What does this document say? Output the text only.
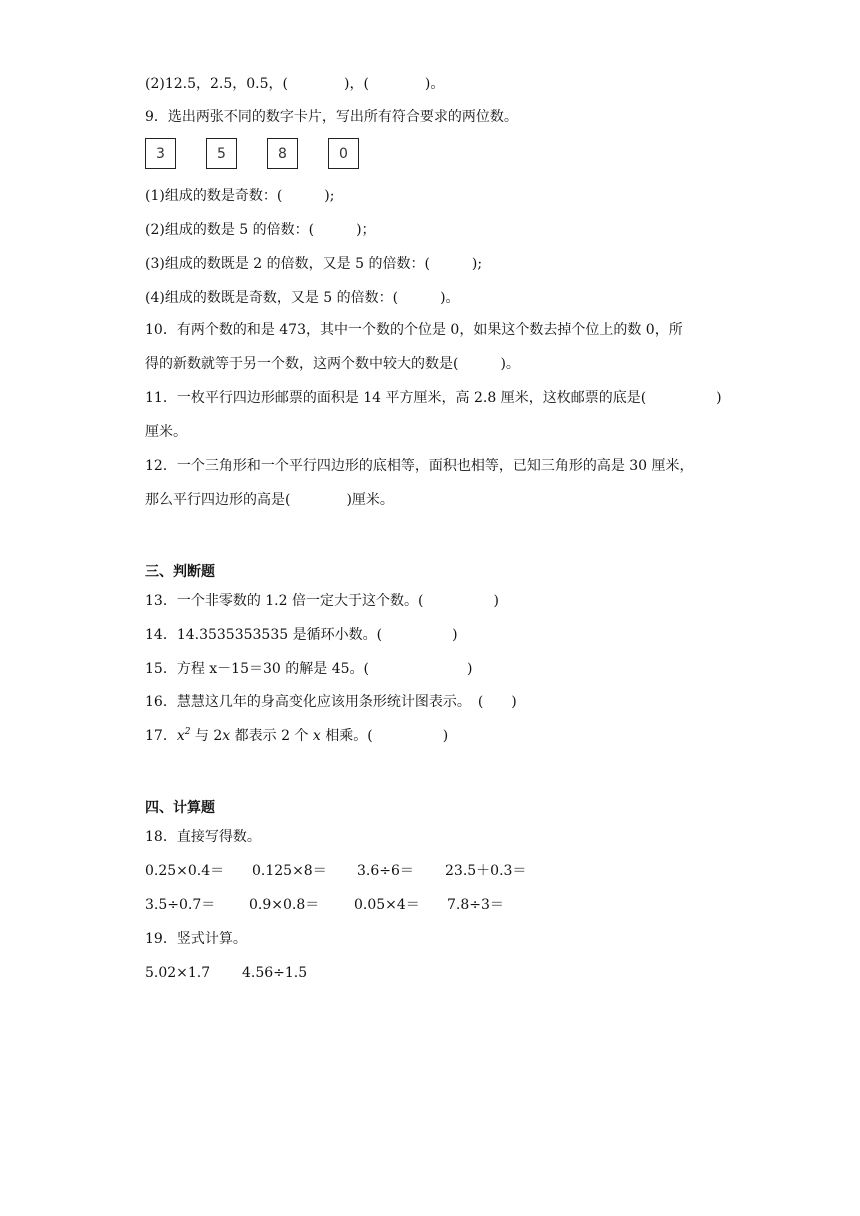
(2)12.5，2.5，0.5，(　　　　)，(　　　　)。

9．选出两张不同的数字卡片，写出所有符合要求的两位数。

3	5	8	0

(1)组成的数是奇数：(　　　);

(2)组成的数是 5 的倍数：(　　　)；

(3)组成的数既是 2 的倍数，又是 5 的倍数：(　　　);

(4)组成的数既是奇数，又是 5 的倍数：(　　　)。

10．有两个数的和是 473，其中一个数的个位是 0，如果这个数去掉个位上的数 0，所

得的新数就等于另一个数，这两个数中较大的数是(　　　)。

11．一枚平行四边形邮票的面积是 14 平方厘米，高 2.8 厘米，这枚邮票的底是(　　　　　)

厘米。

12．一个三角形和一个平行四边形的底相等，面积也相等，已知三角形的高是 30 厘米，

那么平行四边形的高是(　　　　)厘米。

三、判断题

13．一个非零数的 1.2 倍一定大于这个数。(　　　　　)

14．14.3535353535 是循环小数。(　　　　　)

15．方程 x－15＝30 的解是 45。(　　　　　　　)

16．慧慧这几年的身高变化应该用条形统计图表示。　(　　)

17．$x^2$ 与 2x 都表示 2 个 x 相乘。(　　　　　)

四、计算题

18．直接写得数。

0.25×0.4＝ 0.125×8＝ 3.6÷6＝ 23.5＋0.3＝
3.5÷0.7＝ 0.9×0.8＝ 0.05×4＝ 7.8÷3＝

19．竖式计算。

5.02×1.7 4.56÷1.5
